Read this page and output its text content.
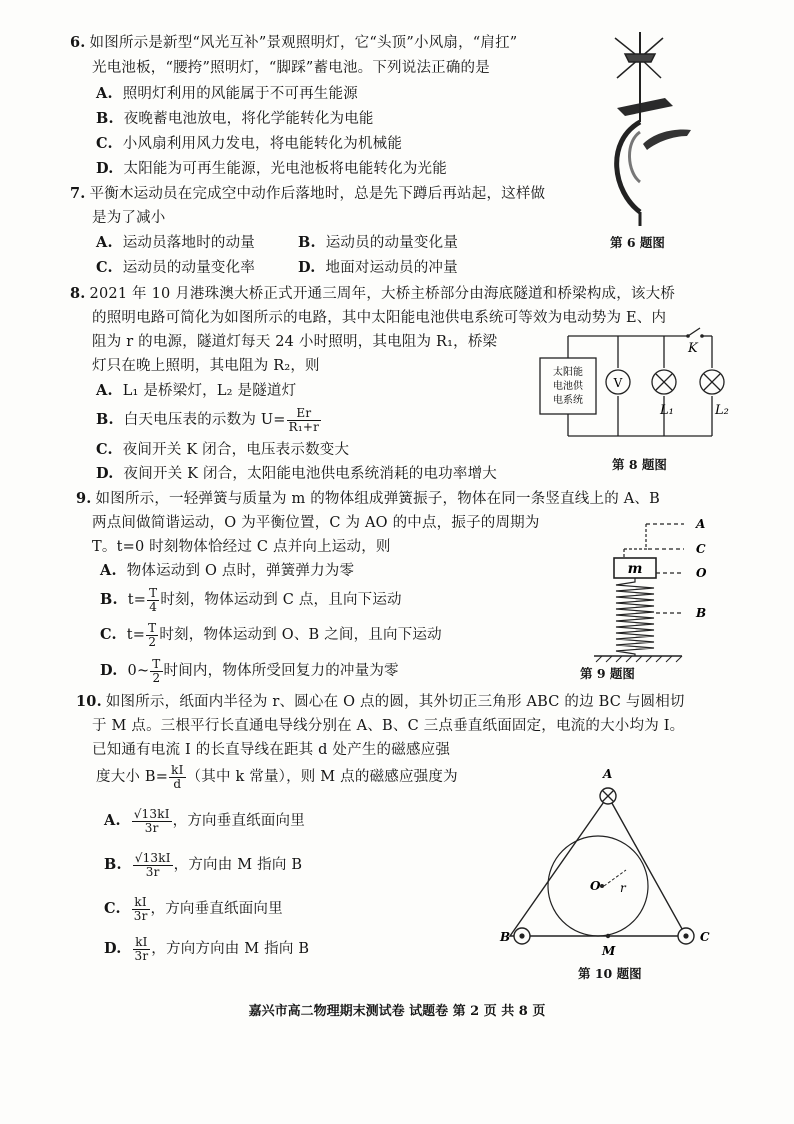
6. 如图所示是新型“风光互补”景观照明灯，它“头顶”小风扇，“肩扛”
光电池板，“腰挎”照明灯，“脚踩”蓄电池。下列说法正确的是
A. 照明灯利用的风能属于不可再生能源
B. 夜晚蓄电池放电，将化学能转化为电能
C. 小风扇利用风力发电，将电能转化为机械能
D. 太阳能为可再生能源，光电池板将电能转化为光能
第 6 题图
7. 平衡木运动员在完成空中动作后落地时，总是先下蹲后再站起，这样做
是为了减小
A. 运动员落地时的动量	B. 运动员的动量变化量
C. 运动员的动量变化率	D. 地面对运动员的冲量
8. 2021 年 10 月港珠澳大桥正式开通三周年，大桥主桥部分由海底隧道和桥梁构成，该大桥
的照明电路可简化为如图所示的电路，其中太阳能电池供电系统可等效为电动势为 E、内
阻为 r 的电源，隧道灯每天 24 小时照明，其电阻为 R₁，桥梁
灯只在晚上照明，其电阻为 R₂，则
A. L₁ 是桥梁灯，L₂ 是隧道灯
B. 白天电压表的示数为 $U= \frac{Er}{\text{R₁+r}}$
C. 夜间开关 K 闭合，电压表示数变大
D. 夜间开关 K 闭合，太阳能电池供电系统消耗的电功率增大
太阳能
电池供
电系统
V
K
L₁	L₂
第 8 题图
9. 如图所示，一轻弹簧与质量为 m 的物体组成弹簧振子，物体在同一条竖直线上的 A、B
两点间做简谐运动，O 为平衡位置，C 为 AO 的中点，振子的周期为
T。t=0 时刻物体恰经过 C 点并向上运动，则
A. 物体运动到 O 点时，弹簧弹力为零
B. $t= \frac{T}{4}$ 时刻，物体运动到 C 点，且向下运动
C. $t= \frac{T}{2}$ 时刻，物体运动到 O、B 之间，且向下运动
D. 0~ $\frac{T}{2}$ 时间内，物体所受回复力的冲量为零
m
A
C
O
B
第 9 题图
10. 如图所示，纸面内半径为 r、圆心在 O 点的圆，其外切正三角形 ABC 的边 BC 与圆相切
于 M 点。三根平行长直通电导线分别在 A、B、C 三点垂直纸面固定，电流的大小均为 I。
已知通有电流 I 的长直导线在距其 d 处产生的磁感应强
度大小 $B= \frac{kI}{d}$ （其中 k 常量），则 M 点的磁感应强度为
A. $\frac{√13kI}{3r}$ ，方向垂直纸面向里
B. $\frac{√13kI}{3r}$ ，方向由 M 指向 B
C. $\frac{kI}{3r}$ ，方向垂直纸面向里
D. $\frac{kI}{3r}$ ，方向方向由 M 指向 B
A
B	C
O r
M
第 10 题图
嘉兴市高二物理期末测试卷 试题卷 第 2 页 共 8 页
